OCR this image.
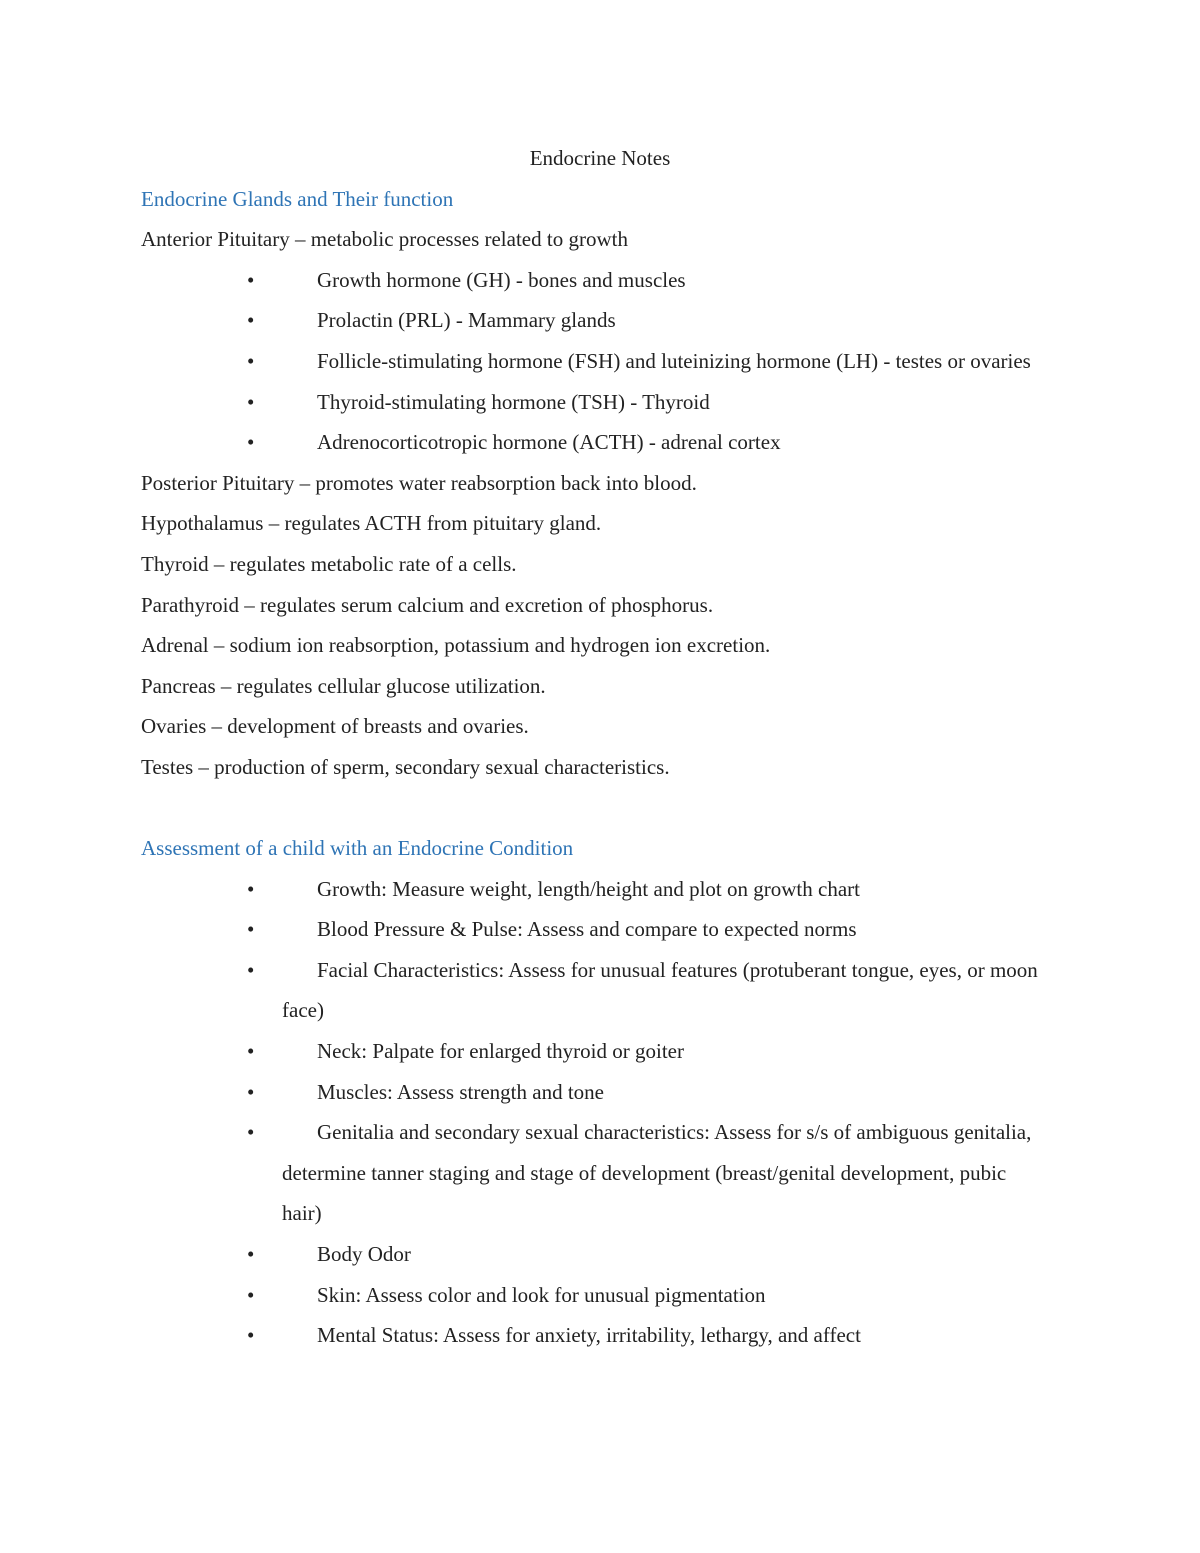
Endocrine Notes

Endocrine Glands and Their function

Anterior Pituitary – metabolic processes related to growth

•	Growth hormone (GH) - bones and muscles
•	Prolactin (PRL) - Mammary glands
•	Follicle-stimulating hormone (FSH) and luteinizing hormone (LH) - testes or ovaries
•	Thyroid-stimulating hormone (TSH) - Thyroid
•	Adrenocorticotropic hormone (ACTH) - adrenal cortex

Posterior Pituitary – promotes water reabsorption back into blood.

Hypothalamus – regulates ACTH from pituitary gland.

Thyroid – regulates metabolic rate of a cells.

Parathyroid – regulates serum calcium and excretion of phosphorus.

Adrenal – sodium ion reabsorption, potassium and hydrogen ion excretion.

Pancreas – regulates cellular glucose utilization.

Ovaries – development of breasts and ovaries.

Testes – production of sperm, secondary sexual characteristics.

Assessment of a child with an Endocrine Condition

•	Growth: Measure weight, length/height and plot on growth chart
•	Blood Pressure & Pulse: Assess and compare to expected norms
•	Facial Characteristics: Assess for unusual features (protuberant tongue, eyes, or moon face)
•	Neck: Palpate for enlarged thyroid or goiter
•	Muscles: Assess strength and tone
•	Genitalia and secondary sexual characteristics: Assess for s/s of ambiguous genitalia, determine tanner staging and stage of development (breast/genital development, pubic hair)
•	Body Odor
•	Skin: Assess color and look for unusual pigmentation
•	Mental Status: Assess for anxiety, irritability, lethargy, and affect
